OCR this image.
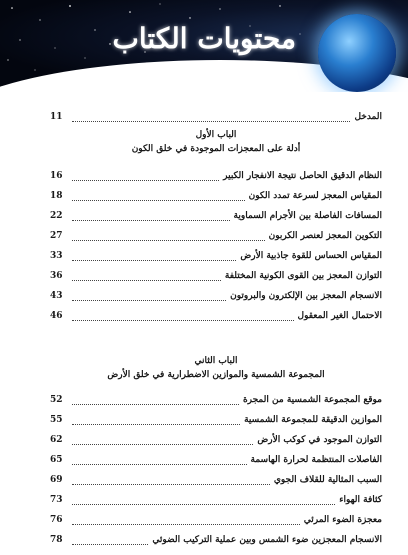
محتويات الكتاب
المدخل
11
الباب الأول
أدلة على المعجزات الموجودة في خلق الكون
النظام الدقيق الحاصل نتيجة الانفجار الكبير
16
المقياس المعجز لسرعة تمدد الكون
18
المسافات الفاصلة بين الأجرام السماوية
22
التكوين المعجز لعنصر الكربون
27
المقياس الحساس للقوة جاذبية الأرض
33
التوازن المعجز بين القوى الكونية المختلفة
36
الانسجام المعجز بين الإلكترون والبروتون
43
الاحتمال الغير المعقول
46
الباب الثاني
المجموعة الشمسية والموازين الاضطرارية في خلق الأرض
موقع المجموعة الشمسية من المجرة
52
الموازين الدقيقة للمجموعة الشمسية
55
التوازن الموجود في كوكب الأرض
62
الفاصلات المنتظمة لحرارة الهاسمة
65
السبب المثالية للقلاف الجوي
69
كثافة الهواء
73
معجزة الضوء المرئي
76
الانسجام المعجزين ضوء الشمس وبين عملية التركيب الضوئي
78
